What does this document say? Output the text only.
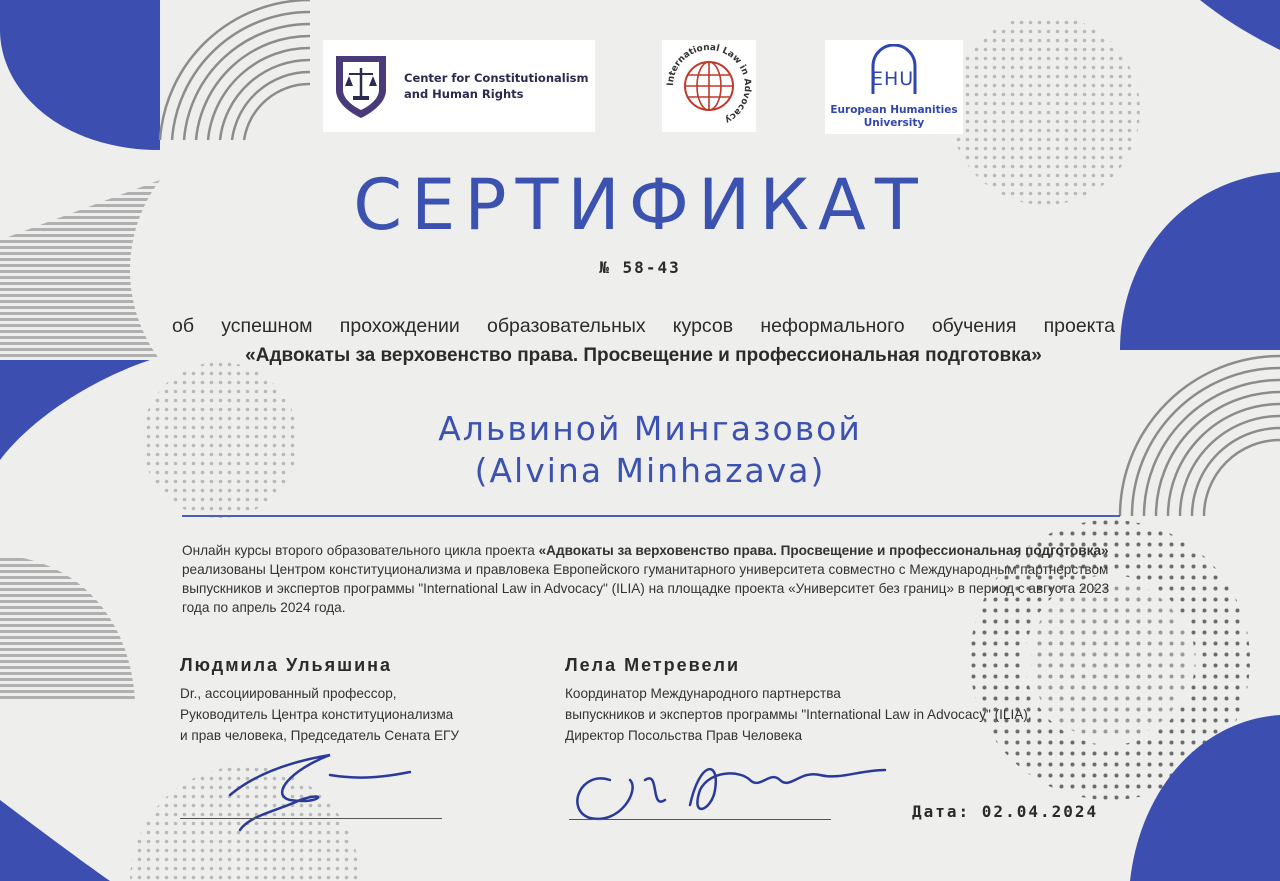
Center for Constitutionalism
and Human Rights
International Law in Advocacy
EHU
European Humanities
University
СЕРТИФИКАТ
№ 58-43
об успешном прохождении образовательных курсов неформального обучения проекта
«Адвокаты за верховенство права. Просвещение и профессиональная подготовка»
Альвиной Мингазовой
(Alvina Minhazava)
Онлайн курсы второго образовательного цикла проекта «Адвокаты за верховенство права. Просвещение и профессиональная подготовка» реализованы Центром конституционализма и правловека Европейского гуманитарного университета совместно с Международным партнерством выпускников и экспертов программы "International Law in Advocacy" (ILIA) на площадке проекта «Университет без границ» в период с августа 2023 года по апрель 2024 года.
Людмила Ульяшина
Dr., ассоциированный профессор,
Руководитель Центра конституционализма
и прав человека, Председатель Сената ЕГУ
Лела Метревели
Координатор Международного партнерства
выпускников и экспертов программы "International Law in Advocacy" (ILIA),
Директор Посольства Прав Человека
Дата: 02.04.2024
